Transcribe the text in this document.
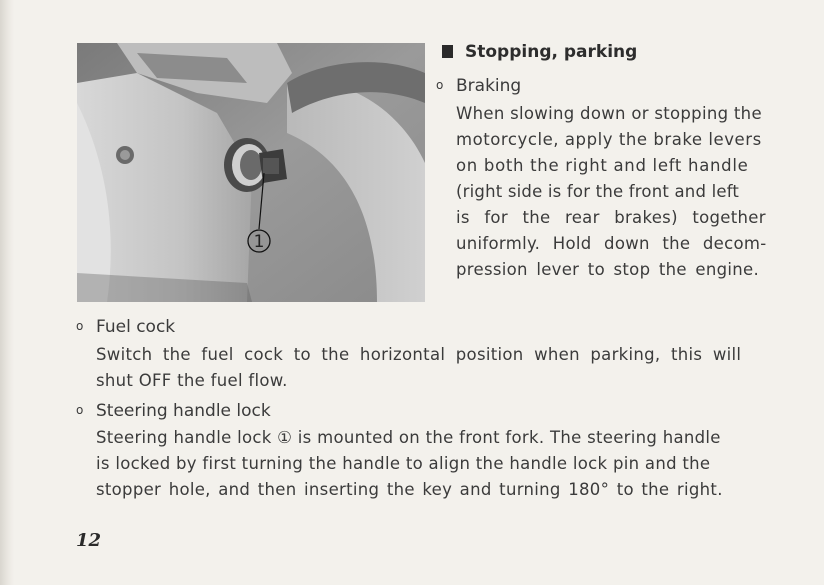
1
Stopping, parking
o Braking
When slowing down or stopping the
motorcycle, apply the brake levers
on both the right and left handle
(right side is for the front and left
is for the rear brakes) together
uniformly. Hold down the decom-
pression lever to stop the engine.
o Fuel cock
Switch the fuel cock to the horizontal position when parking, this will
shut OFF the fuel flow.
o Steering handle lock
Steering handle lock ① is mounted on the front fork. The steering handle
is locked by first turning the handle to align the handle lock pin and the
stopper hole, and then inserting the key and turning 180° to the right.
12
